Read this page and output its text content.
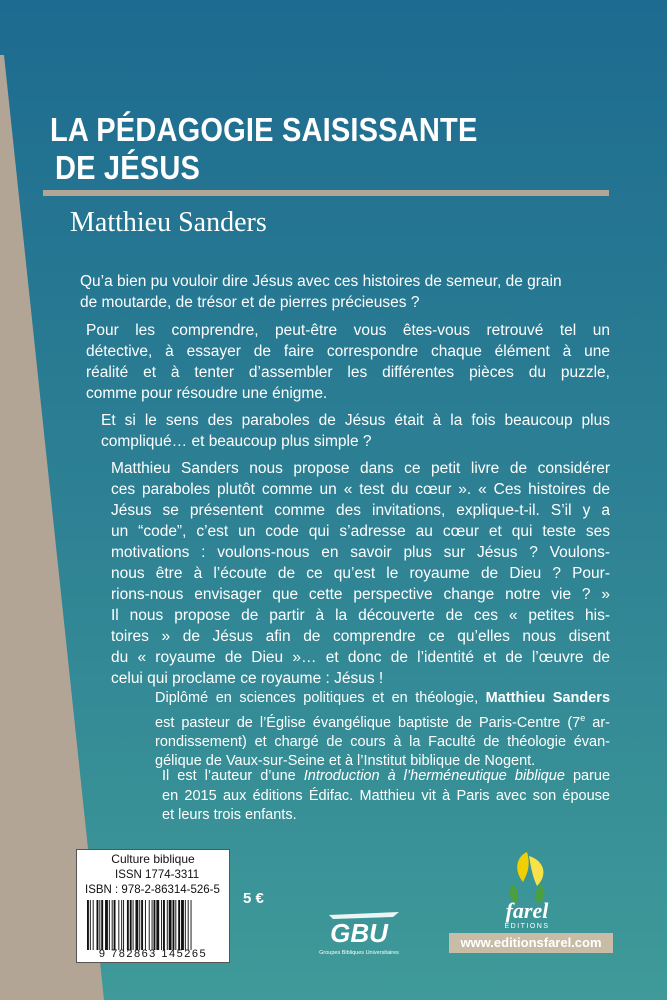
LA PÉDAGOGIE SAISISSANTE
DE JÉSUS
Matthieu Sanders
Qu’a bien pu vouloir dire Jésus avec ces histoires de semeur, de grain
de moutarde, de trésor et de pierres précieuses ?
Pour les comprendre, peut-être vous êtes-vous retrouvé tel un
détective, à essayer de faire correspondre chaque élément à une
réalité et à tenter d’assembler les différentes pièces du puzzle,
comme pour résoudre une énigme.
Et si le sens des paraboles de Jésus était à la fois beaucoup plus
compliqué… et beaucoup plus simple ?
Matthieu Sanders nous propose dans ce petit livre de considérer
ces paraboles plutôt comme un « test du cœur ». « Ces histoires de
Jésus se présentent comme des invitations, explique-t-il. S’il y a
un “code”, c’est un code qui s’adresse au cœur et qui teste ses
motivations : voulons-nous en savoir plus sur Jésus ? Voulons-
nous être à l’écoute de ce qu’est le royaume de Dieu ? Pour-
rions-nous envisager que cette perspective change notre vie ? »
Il nous propose de partir à la découverte de ces « petites his-
toires » de Jésus afin de comprendre ce qu’elles nous disent
du « royaume de Dieu »… et donc de l’identité et de l’œuvre de
celui qui proclame ce royaume : Jésus !
Diplômé en sciences politiques et en théologie, Matthieu Sanders
est pasteur de l’Église évangélique baptiste de Paris-Centre (7e ar-
rondissement) et chargé de cours à la Faculté de théologie évan-
gélique de Vaux-sur-Seine et à l’Institut biblique de Nogent.
Il est l’auteur d’une Introduction à l’herméneutique biblique parue
en 2015 aux éditions Édifac. Matthieu vit à Paris avec son épouse
et leurs trois enfants.
Culture biblique
ISSN 1774-3311
ISBN : 978-2-86314-526-5
9 782863 145265
5 €
GBU
Groupes Bibliques Universitaires
farel
EDITIONS
www.editionsfarel.com
